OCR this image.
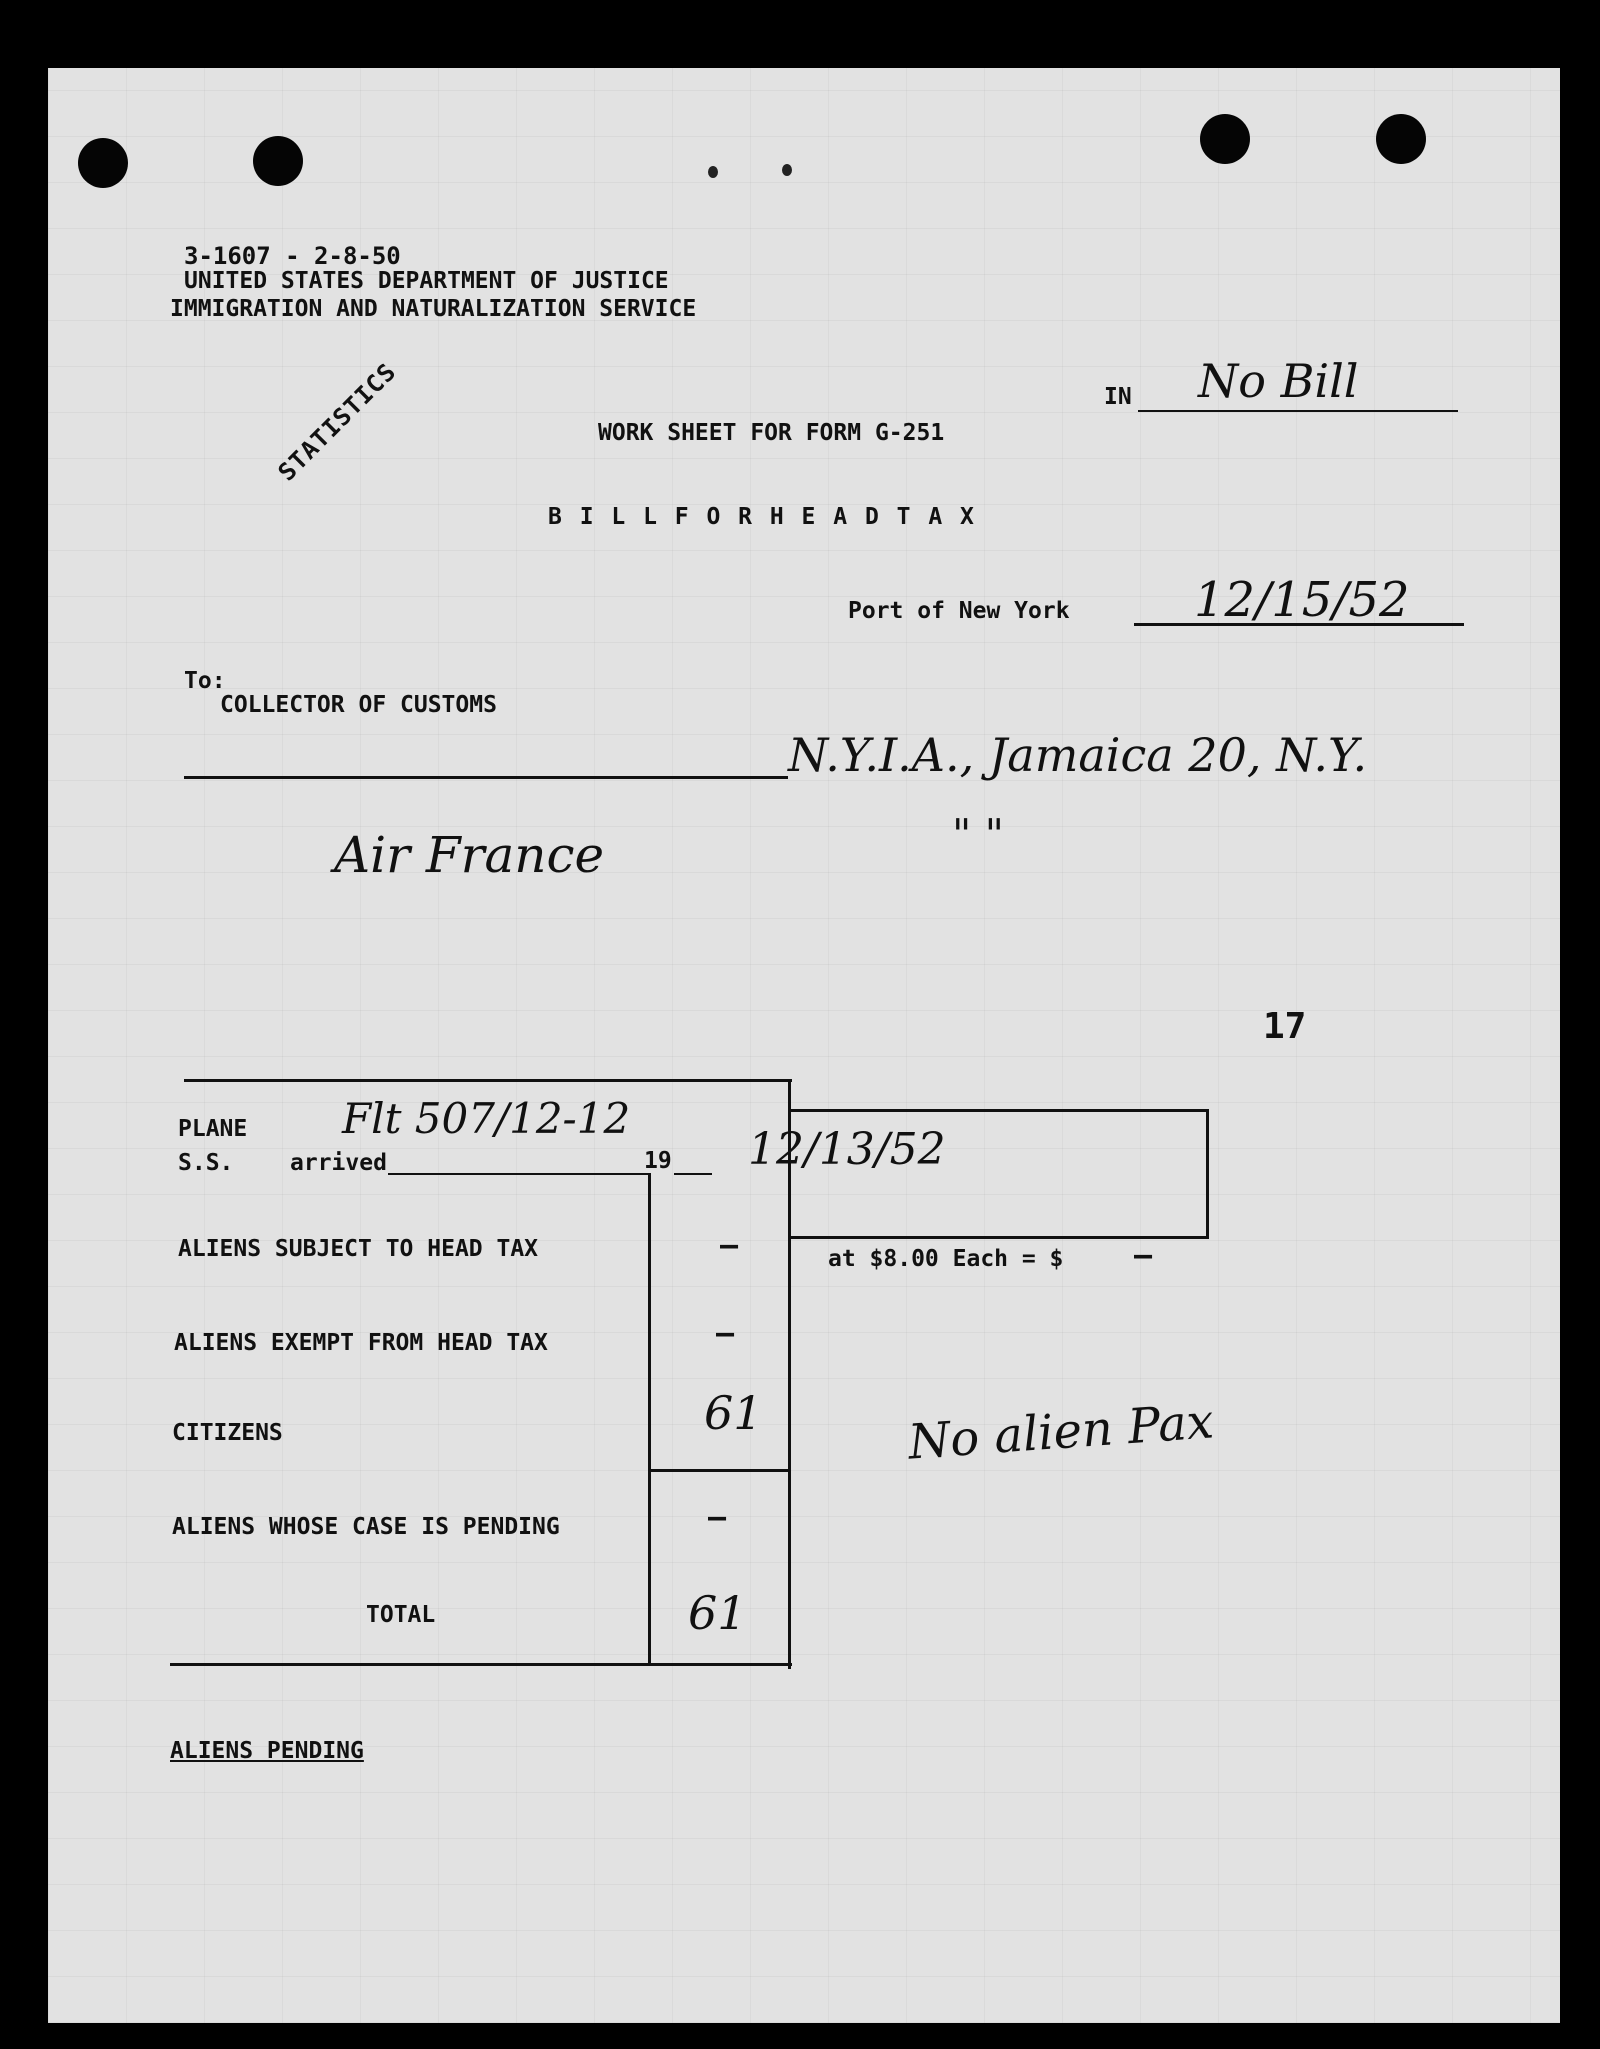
3-1607 - 2-8-50
UNITED STATES DEPARTMENT OF JUSTICE
IMMIGRATION AND NATURALIZATION SERVICE
STATISTICS	IN No Bill
WORK SHEET FOR FORM G-251
B I L L F O R H E A D T A X
Port of New York	12/15/52
To:
COLLECTOR OF CUSTOMS
N.Y.I.A., Jamaica 20, N.Y.
Air France	" "
17
PLANE
S.S. arrived	19
Flt 507/12-12
12/13/52
ALIENS SUBJECT TO HEAD TAX	—
ALIENS EXEMPT FROM HEAD TAX	—
CITIZENS	61
ALIENS WHOSE CASE IS PENDING	—
TOTAL	61
at $8.00 Each = $ —
No alien Pax
ALIENS PENDING
